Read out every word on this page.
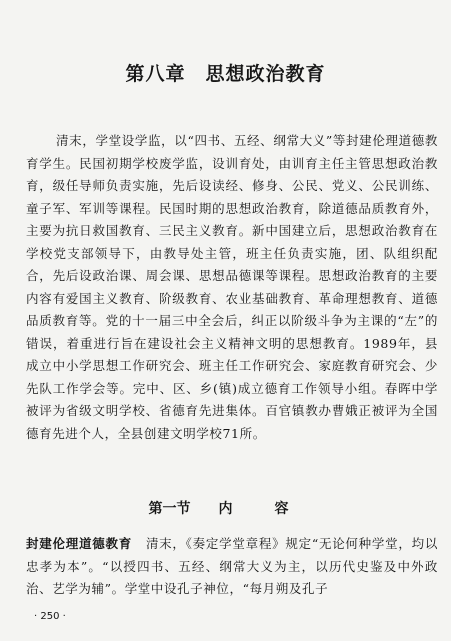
第八章 思想政治教育

清末，学堂设学监，以“四书、五经、纲常大义”等封建伦理道德教育学生。民国初期学校废学监，设训育处，由训育主任主管思想政治教育，级任导师负责实施，先后设读经、修身、公民、党义、公民训练、童子军、军训等课程。民国时期的思想政治教育，除道德品质教育外，主要为抗日救国教育、三民主义教育。新中国建立后，思想政治教育在学校党支部领导下，由教导处主管，班主任负责实施，团、队组织配合，先后设政治课、周会课、思想品德课等课程。思想政治教育的主要内容有爱国主义教育、阶级教育、农业基础教育、革命理想教育、道德品质教育等。党的十一届三中全会后，纠正以阶级斗争为主课的“左”的错误，着重进行旨在建设社会主义精神文明的思想教育。1989年，县成立中小学思想工作研究会、班主任工作研究会、家庭教育研究会、少先队工作学会等。完中、区、乡(镇)成立德育工作领导小组。春晖中学被评为省级文明学校、省德育先进集体。百官镇教办曹娥正被评为全国德育先进个人，全县创建文明学校71所。

第一节 内　容

封建伦理道德教育 清末，《奏定学堂章程》规定“无论何种学堂，均以忠孝为本”。“以授四书、五经、纲常大义为主，以历代史鉴及中外政治、艺学为辅”。学堂中设孔子神位，“每月朔及孔子

· 250 ·
